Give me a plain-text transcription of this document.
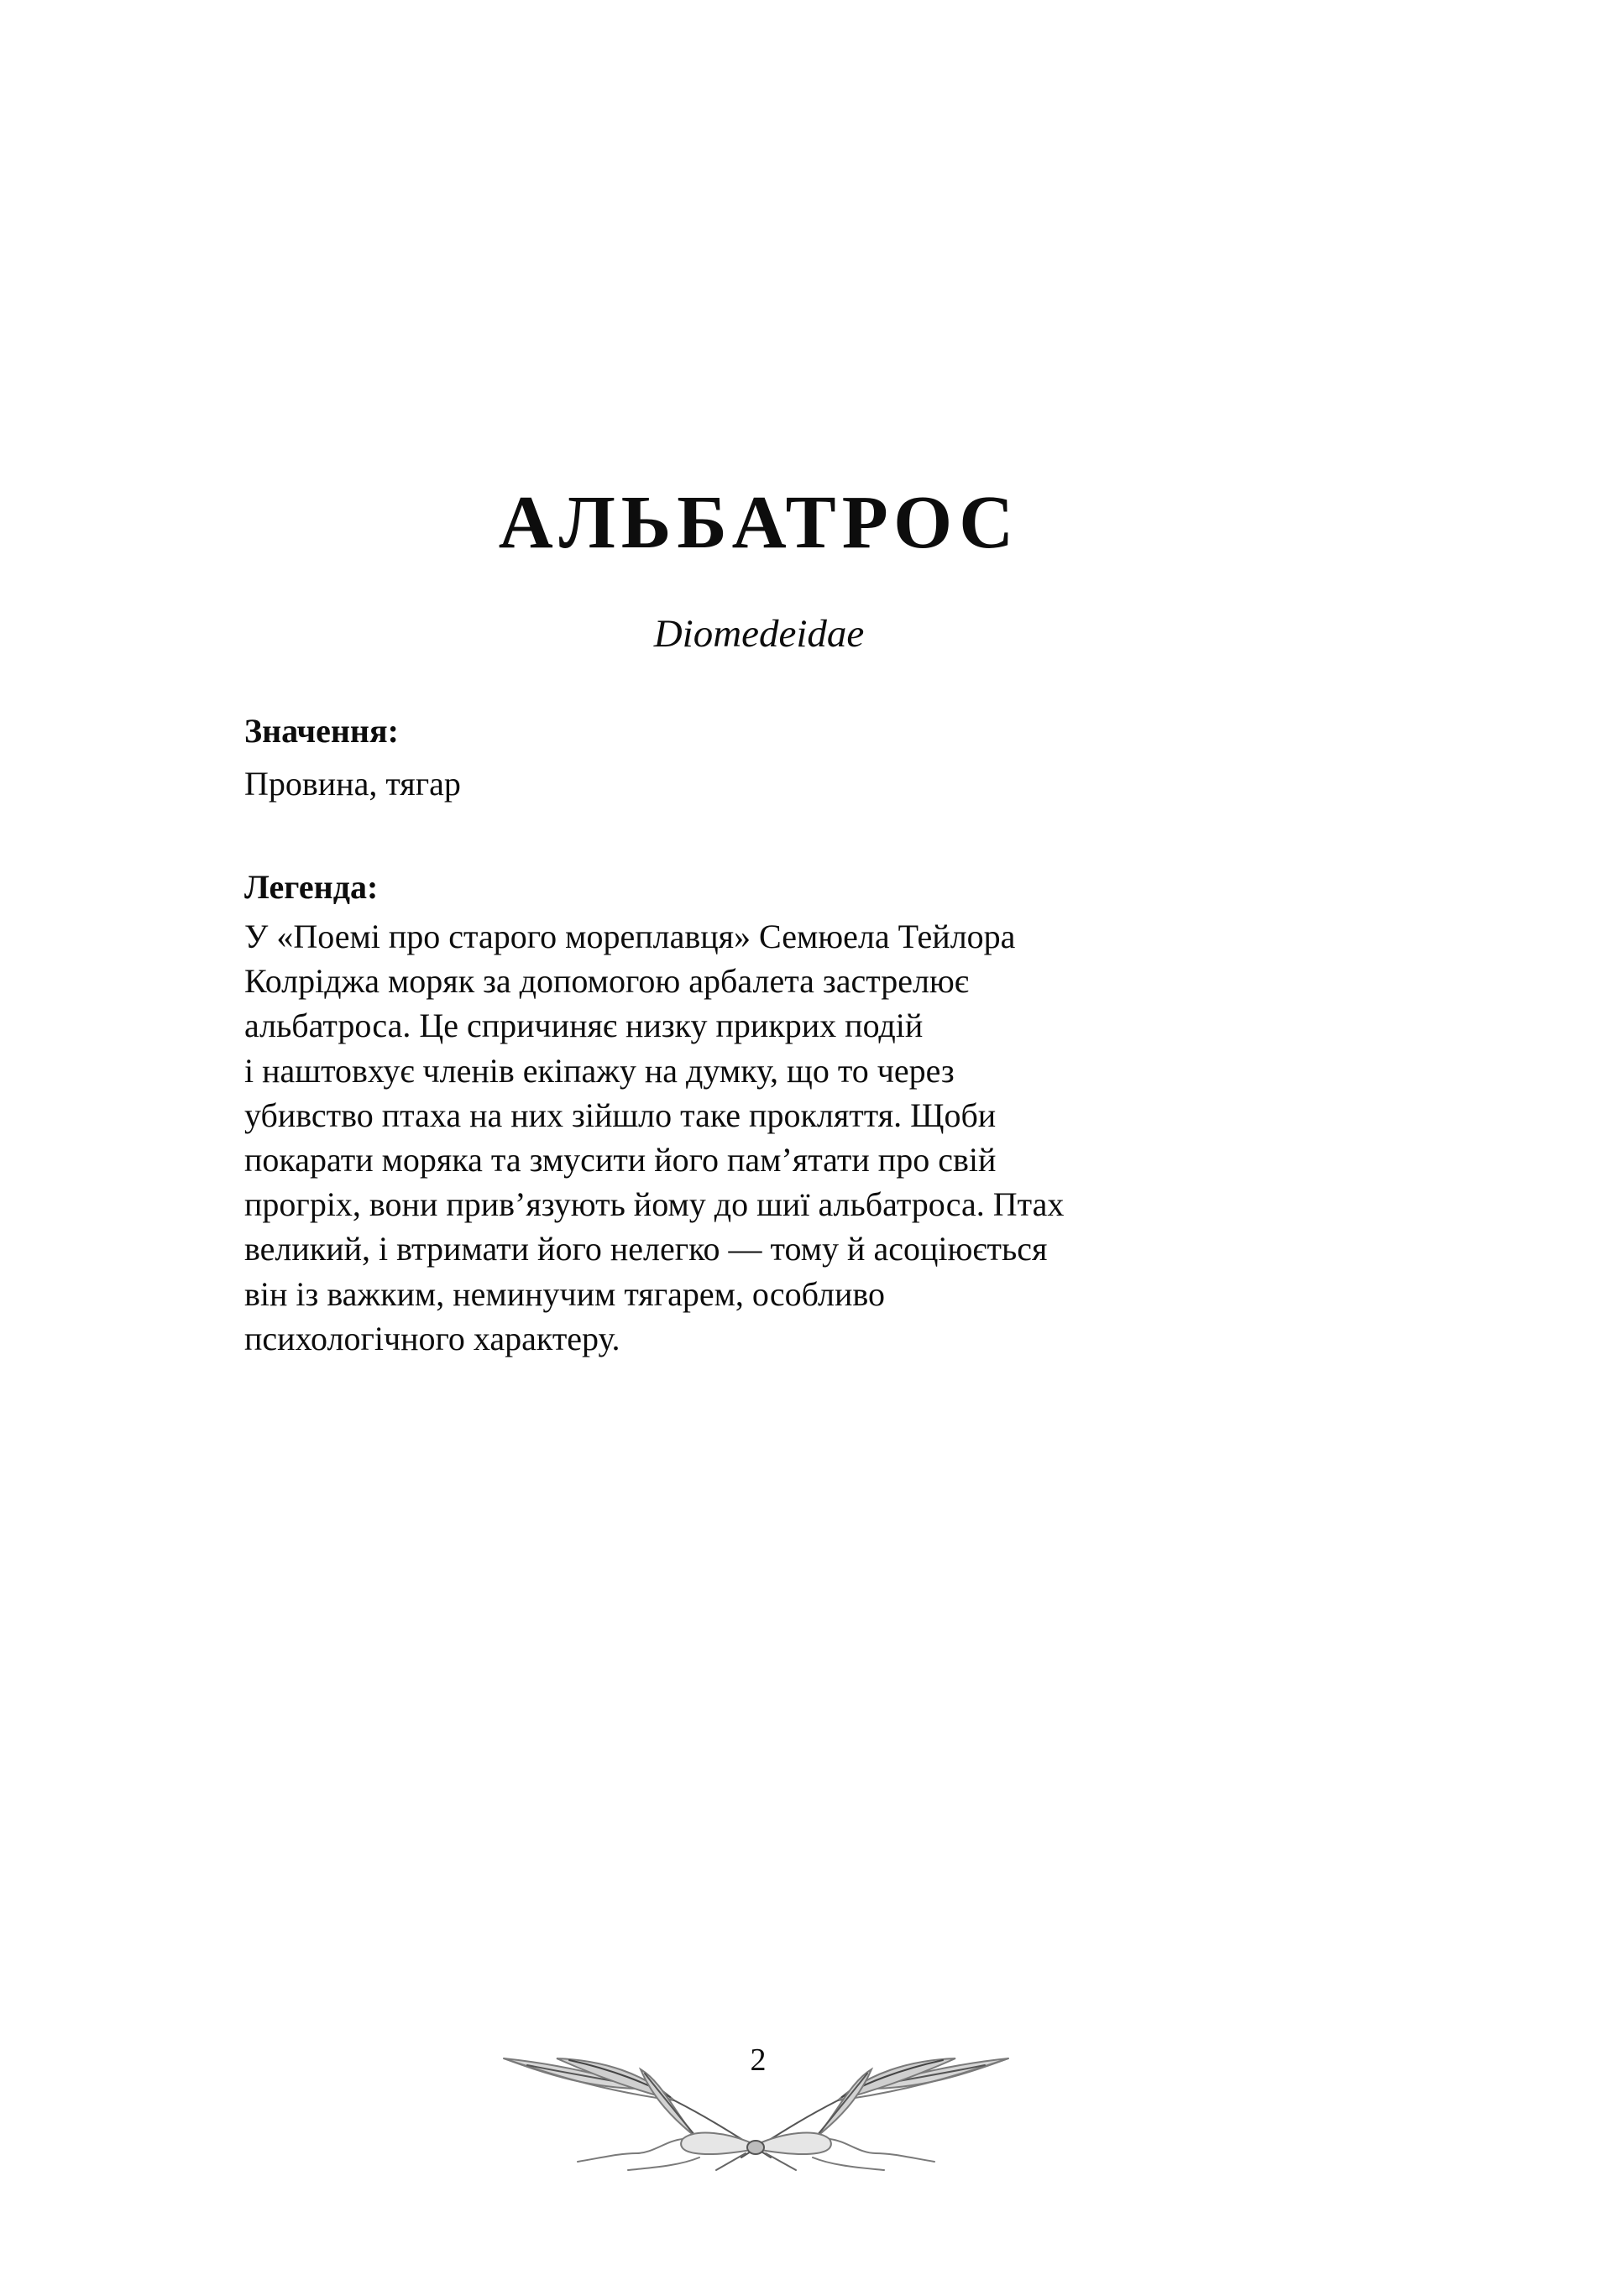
АЛЬБАТРОС
Diomedeidae

Значення:

Провина, тягар

Легенда:

У «Поемі про старого мореплавця» Семюела Тейлора
Колріджа моряк за допомогою арбалета застрелює
альбатроса. Це спричиняє низку прикрих подій
і наштовхує членів екіпажу на думку, що то через
убивство птаха на них зійшло таке прокляття. Щоби
покарати моряка та змусити його пам’ятати про свій
прогріх, вони прив’язують йому до шиї альбатроса. Птах
великий, і втримати його нелегко — тому й асоціюється
він із важким, неминучим тягарем, особливо
психологічного характеру.
2
